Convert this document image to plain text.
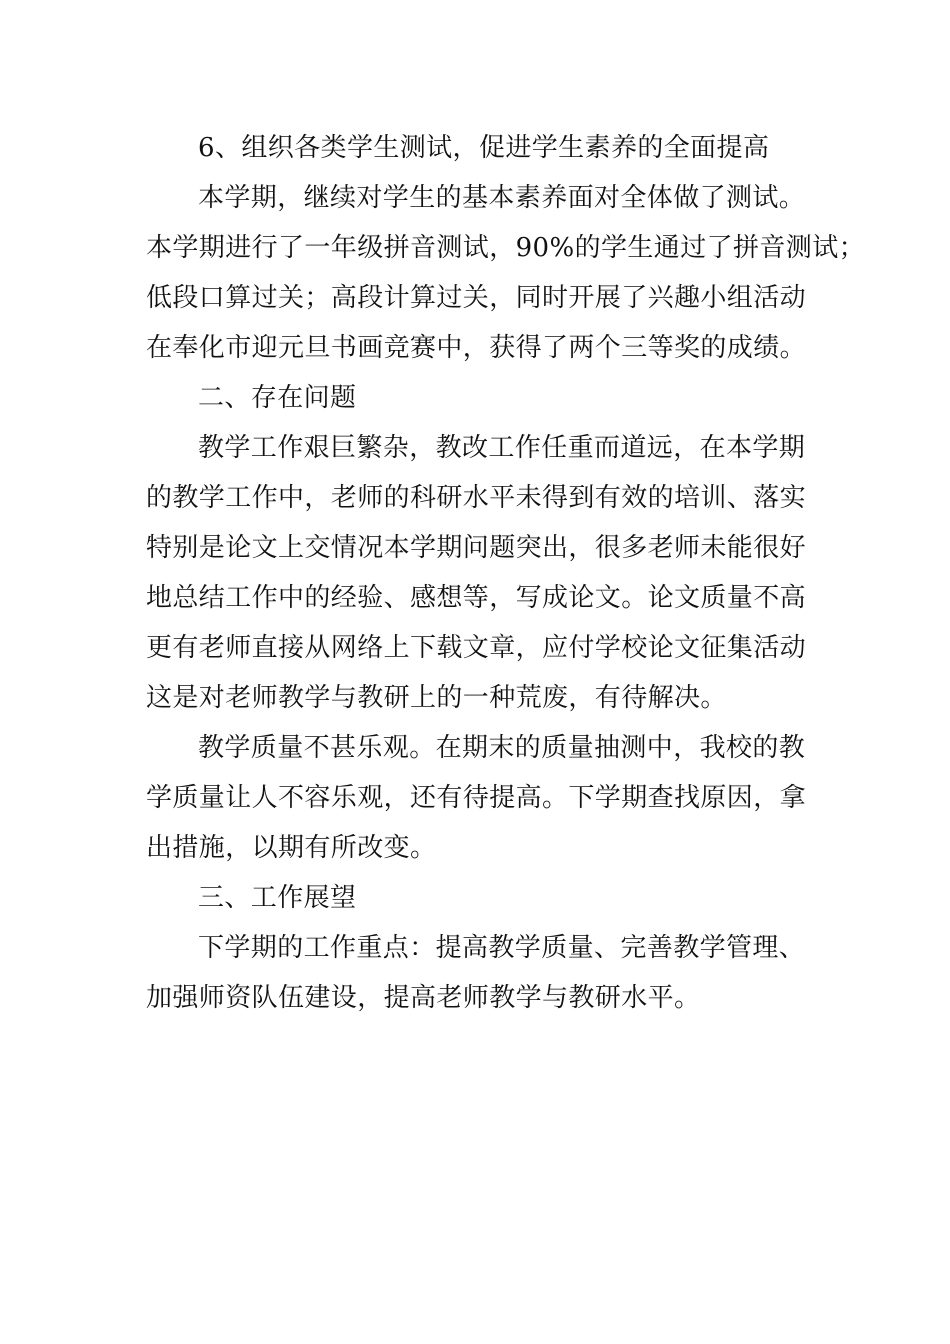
6、组织各类学生测试，促进学生素养的全面提高
本学期，继续对学生的基本素养面对全体做了测试。
本学期进行了一年级拼音测试，90%的学生通过了拼音测试；
低段口算过关；高段计算过关，同时开展了兴趣小组活动
在奉化市迎元旦书画竞赛中，获得了两个三等奖的成绩。
二、存在问题
教学工作艰巨繁杂，教改工作任重而道远，在本学期
的教学工作中，老师的科研水平未得到有效的培训、落实
特别是论文上交情况本学期问题突出，很多老师未能很好
地总结工作中的经验、感想等，写成论文。论文质量不高
更有老师直接从网络上下载文章，应付学校论文征集活动
这是对老师教学与教研上的一种荒废，有待解决。
教学质量不甚乐观。在期末的质量抽测中，我校的教
学质量让人不容乐观，还有待提高。下学期查找原因，拿
出措施，以期有所改变。
三、工作展望
下学期的工作重点：提高教学质量、完善教学管理、
加强师资队伍建设，提高老师教学与教研水平。
